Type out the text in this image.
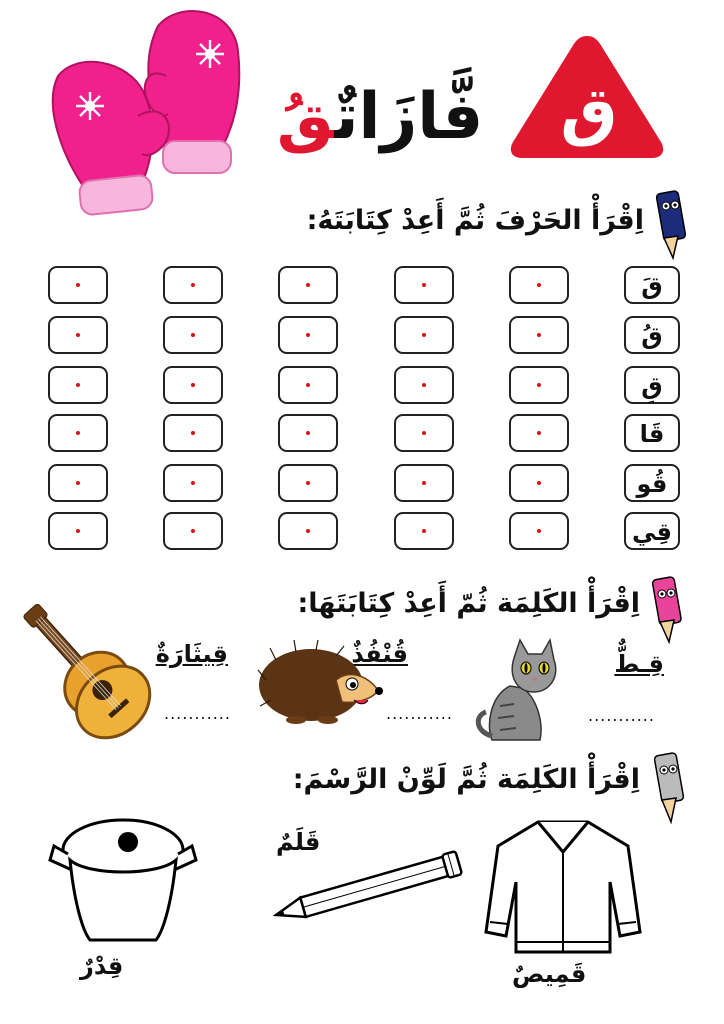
فَّازَاتٌقُ	ق
اِقْرَأْ الحَرْفَ ثُمَّ أَعِدْ كِتَابَتَهُ:
قَ
قُ
قِ
قَا
قُو
قِي
اِقْرَأْ الكَلِمَة ثُمّ أَعِدْ كِتَابَتَهَا:
قِـطٌّ
قُنْفُذٌ
قِيثَارَةٌ
...........
...........
...........
اِقْرَأْ الكَلِمَة ثُمَّ لَوِّنْ الرَّسْمَ:
قِدْرٌ
قَلَمٌ
قَمِيصٌ
